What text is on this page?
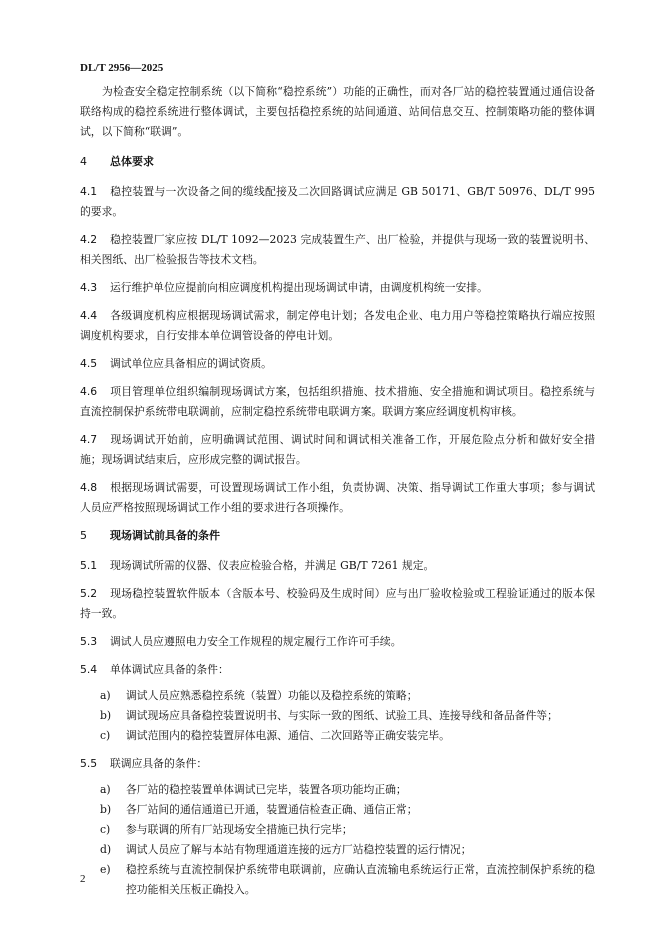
DL/T 2956—2025

为检查安全稳定控制系统（以下简称“稳控系统”）功能的正确性，而对各厂站的稳控装置通过通信设备联络构成的稳控系统进行整体调试，主要包括稳控系统的站间通道、站间信息交互、控制策略功能的整体调试，以下简称“联调”。

4 总体要求

4.1 稳控装置与一次设备之间的缆线配接及二次回路调试应满足 GB 50171、GB/T 50976、DL/T 995 的要求。

4.2 稳控装置厂家应按 DL/T 1092—2023 完成装置生产、出厂检验，并提供与现场一致的装置说明书、相关图纸、出厂检验报告等技术文档。

4.3 运行维护单位应提前向相应调度机构提出现场调试申请，由调度机构统一安排。

4.4 各级调度机构应根据现场调试需求，制定停电计划；各发电企业、电力用户等稳控策略执行端应按照调度机构要求，自行安排本单位调管设备的停电计划。

4.5 调试单位应具备相应的调试资质。

4.6 项目管理单位组织编制现场调试方案，包括组织措施、技术措施、安全措施和调试项目。稳控系统与直流控制保护系统带电联调前，应制定稳控系统带电联调方案。联调方案应经调度机构审核。

4.7 现场调试开始前，应明确调试范围、调试时间和调试相关准备工作，开展危险点分析和做好安全措施；现场调试结束后，应形成完整的调试报告。

4.8 根据现场调试需要，可设置现场调试工作小组，负责协调、决策、指导调试工作重大事项；参与调试人员应严格按照现场调试工作小组的要求进行各项操作。

5 现场调试前具备的条件

5.1 现场调试所需的仪器、仪表应检验合格，并满足 GB/T 7261 规定。

5.2 现场稳控装置软件版本（含版本号、校验码及生成时间）应与出厂验收检验或工程验证通过的版本保持一致。

5.3 调试人员应遵照电力安全工作规程的规定履行工作许可手续。

5.4 单体调试应具备的条件：

a) 调试人员应熟悉稳控系统（装置）功能以及稳控系统的策略；
b) 调试现场应具备稳控装置说明书、与实际一致的图纸、试验工具、连接导线和备品备件等；
c) 调试范围内的稳控装置屏体电源、通信、二次回路等正确安装完毕。

5.5 联调应具备的条件：

a) 各厂站的稳控装置单体调试已完毕，装置各项功能均正确；
b) 各厂站间的通信通道已开通，装置通信检查正确、通信正常；
c) 参与联调的所有厂站现场安全措施已执行完毕；
d) 调试人员应了解与本站有物理通道连接的远方厂站稳控装置的运行情况；
e) 稳控系统与直流控制保护系统带电联调前，应确认直流输电系统运行正常，直流控制保护系统的稳控功能相关压板正确投入。
2
